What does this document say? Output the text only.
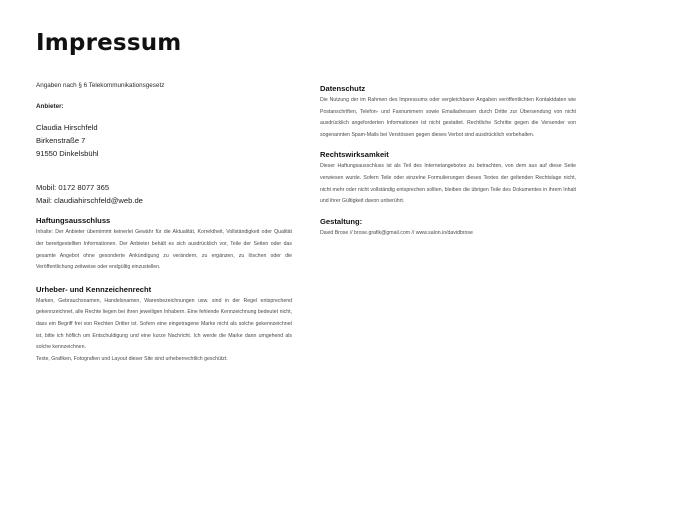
Impressum
Angaben nach § 6 Telekommunikationsgesetz
Anbieter:
Claudia Hirschfeld
Birkenstraße 7
91550 Dinkelsbühl
Mobil: 0172 8077 365
Mail: claudiahirschfeld@web.de
Haftungsausschluss
Inhalte: Der Anbieter übernimmt keinerlei Gewähr für die Aktualität, Korrektheit, Vollständigkeit oder Qualität der bereitgestellten Informationen. Der Anbieter behält es sich ausdrücklich vor, Teile der Seiten oder das gesamte Angebot ohne gesonderte Ankündigung zu verändern, zu ergänzen, zu löschen oder die Veröffentlichung zeitweise oder endgültig einzustellen.
Urheber- und Kennzeichenrecht
Marken, Gebrauchsnamen, Handelsnamen, Warenbezeichnungen usw. sind in der Regel entsprechend gekennzeichnet, alle Rechte liegen bei ihren jeweiligen Inhabern. Eine fehlende Kennzeichnung bedeutet nicht, dass ein Begriff frei von Rechten Dritter ist. Sofern eine eingetragene Marke nicht als solche gekennzeichnet ist, bitte ich höflich um Entschuldigung und eine kurze Nachricht. Ich werde die Marke dann umgehend als solche kennzeichnen.
Texte, Grafiken, Fotografien und Layout dieser Site sind urheberrechtlich geschützt.
Datenschutz
Die Nutzung der im Rahmen des Impressums oder vergleichbarer Angaben veröffentlichten Kontaktdaten wie Postanschriften, Telefon- und Faxnummern sowie Emailadressen durch Dritte zur Übersendung von nicht ausdrücklich angeforderten Informationen ist nicht gestattet. Rechtliche Schritte gegen die Versender von sogenannten Spam-Mails bei Verstössen gegen dieses Verbot sind ausdrücklich vorbehalten.
Rechtswirksamkeit
Dieser Haftungsausschluss ist als Teil des Internetangebotes zu betrachten, von dem aus auf diese Seite verwiesen wurde. Sofern Teile oder einzelne Formulierungen dieses Textes der geltenden Rechtslage nicht, nicht mehr oder nicht vollständig entsprechen sollten, bleiben die übrigen Teile des Dokumentes in ihrem Inhalt und ihrer Gültigkeit davon unberührt.
Gestaltung:
David Brose // brose.grafik@gmail.com // www.salon.io/davidbrose
